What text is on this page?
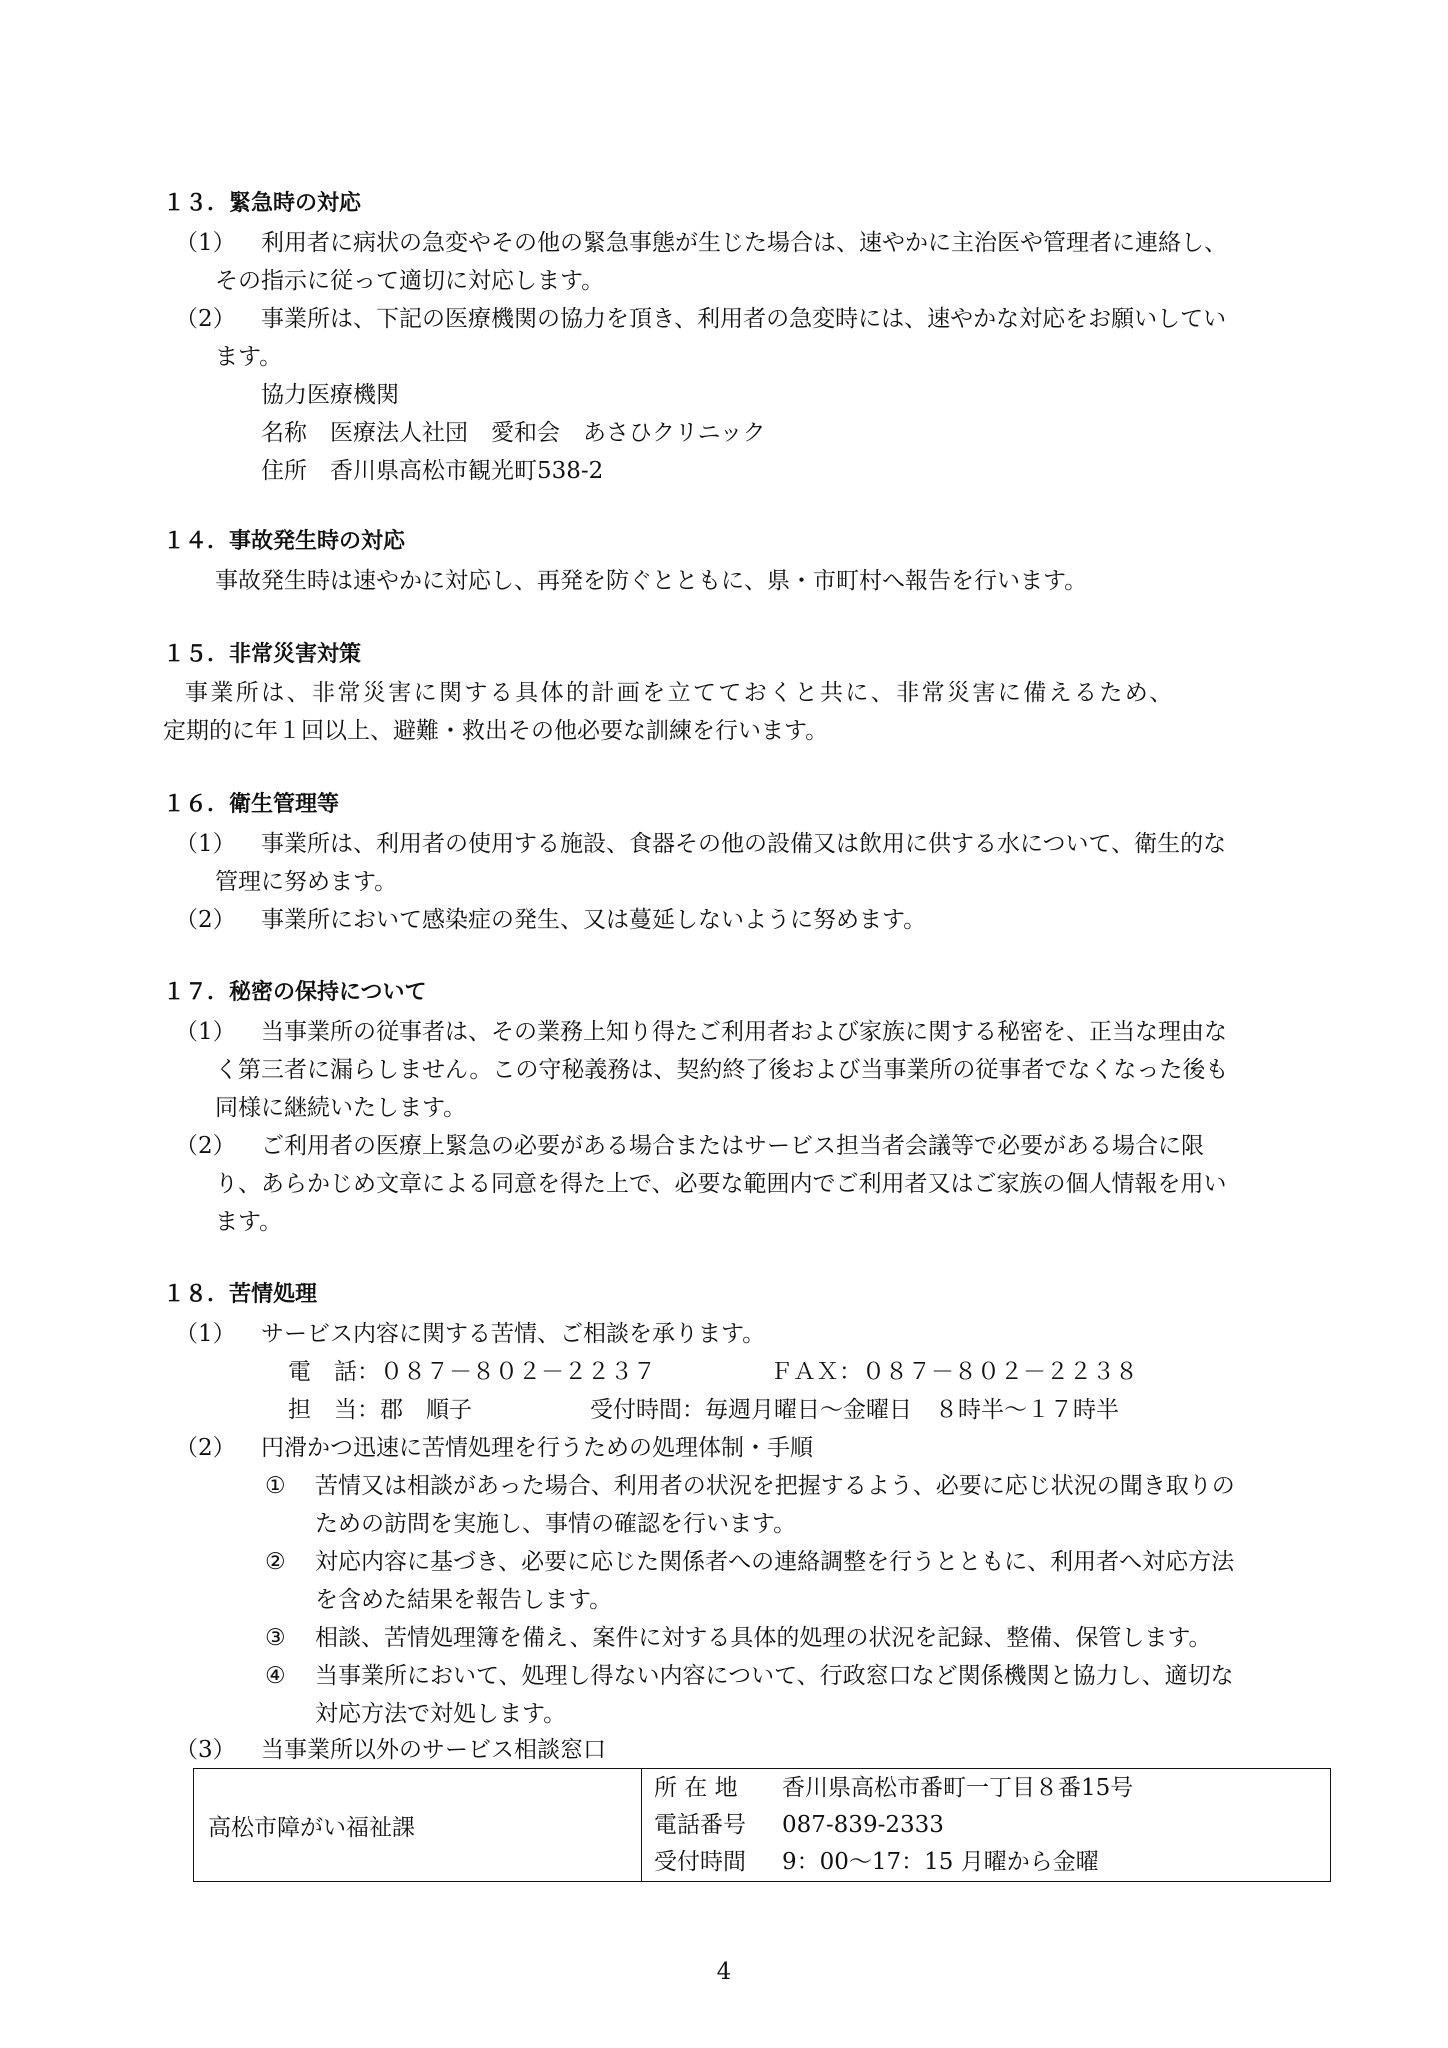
１３．緊急時の対応
（1） 利用者に病状の急変やその他の緊急事態が生じた場合は、速やかに主治医や管理者に連絡し、
その指示に従って適切に対応します。
（2） 事業所は、下記の医療機関の協力を頂き、利用者の急変時には、速やかな対応をお願いしてい
ます。
協力医療機関
名称　医療法人社団　愛和会　あさひクリニック
住所　香川県高松市観光町538-2
１４．事故発生時の対応
事故発生時は速やかに対応し、再発を防ぐとともに、県・市町村へ報告を行います。
１５．非常災害対策
事業所は、非常災害に関する具体的計画を立てておくと共に、非常災害に備えるため、
定期的に年１回以上、避難・救出その他必要な訓練を行います。
１６．衛生管理等
（1） 事業所は、利用者の使用する施設、食器その他の設備又は飲用に供する水について、衛生的な
管理に努めます。
（2） 事業所において感染症の発生、又は蔓延しないように努めます。
１７．秘密の保持について
（1） 当事業所の従事者は、その業務上知り得たご利用者および家族に関する秘密を、正当な理由な
く第三者に漏らしません。この守秘義務は、契約終了後および当事業所の従事者でなくなった後も
同様に継続いたします。
（2） ご利用者の医療上緊急の必要がある場合またはサービス担当者会議等で必要がある場合に限
り、あらかじめ文章による同意を得た上で、必要な範囲内でご利用者又はご家族の個人情報を用い
ます。
１８．苦情処理
（1） サービス内容に関する苦情、ご相談を承ります。
電　話：０８７－８０２－２２３７	ＦＡＸ：０８７－８０２－２２３８
担　当：郡　順子	受付時間：毎週月曜日～金曜日　８時半～１７時半
（2） 円滑かつ迅速に苦情処理を行うための処理体制・手順
① 苦情又は相談があった場合、利用者の状況を把握するよう、必要に応じ状況の聞き取りの
ための訪問を実施し、事情の確認を行います。
② 対応内容に基づき、必要に応じた関係者への連絡調整を行うとともに、利用者へ対応方法
を含めた結果を報告します。
③ 相談、苦情処理簿を備え、案件に対する具体的処理の状況を記録、整備、保管します。
④ 当事業所において、処理し得ない内容について、行政窓口など関係機関と協力し、適切な
対応方法で対処します。
（3） 当事業所以外のサービス相談窓口
高松市障がい福祉課
所 在 地 香川県高松市番町一丁目８番15号
電話番号 087-839-2333
受付時間 9：00～17：15 月曜から金曜
4
